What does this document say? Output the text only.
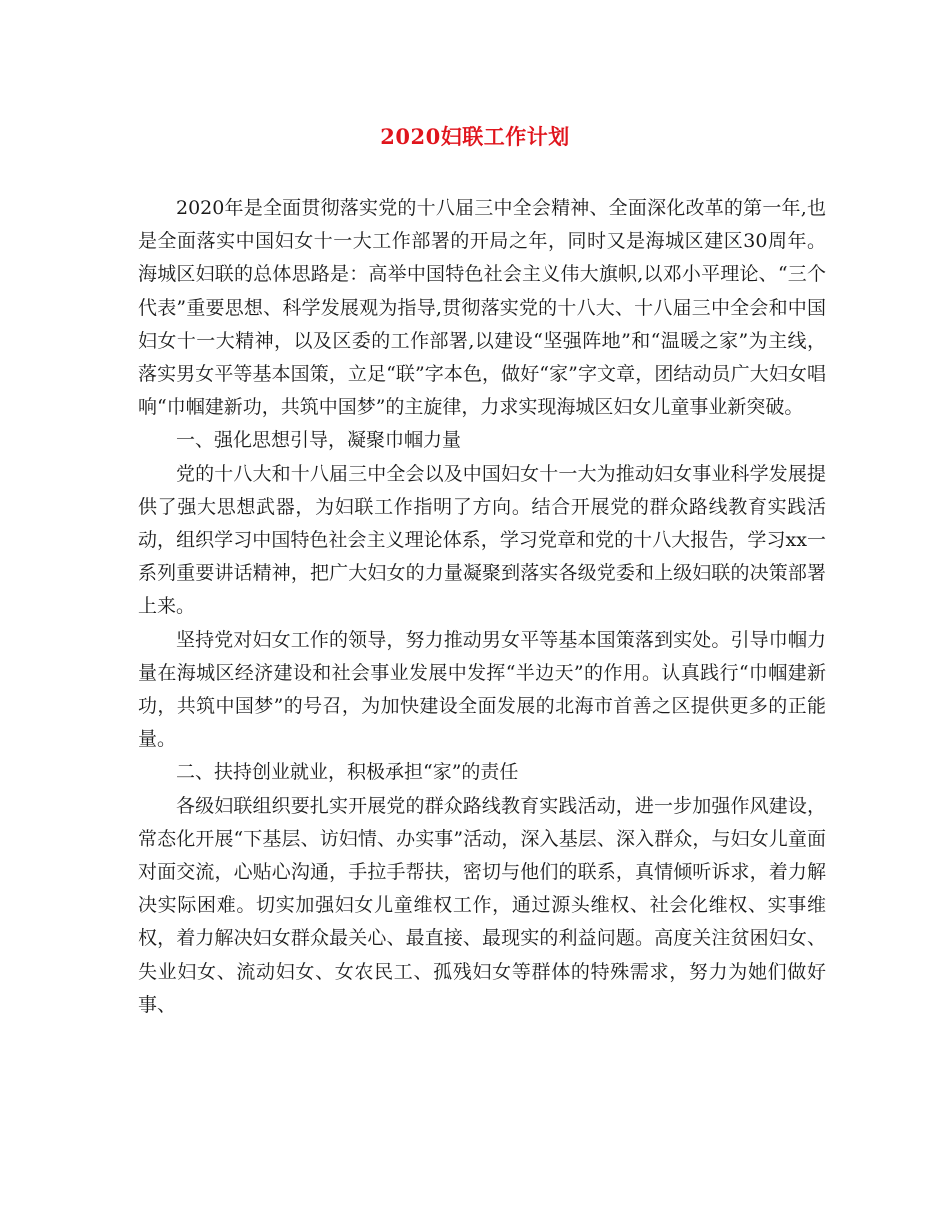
2020妇联工作计划

2020年是全面贯彻落实党的十八届三中全会精神、全面深化改革的第一年,也是全面落实中国妇女十一大工作部署的开局之年，同时又是海城区建区30周年。海城区妇联的总体思路是：高举中国特色社会主义伟大旗帜,以邓小平理论、“三个代表”重要思想、科学发展观为指导,贯彻落实党的十八大、十八届三中全会和中国妇女十一大精神，以及区委的工作部署,以建设“坚强阵地”和“温暖之家”为主线，落实男女平等基本国策，立足“联”字本色，做好“家”字文章，团结动员广大妇女唱响“巾帼建新功，共筑中国梦”的主旋律，力求实现海城区妇女儿童事业新突破。

一、强化思想引导，凝聚巾帼力量

党的十八大和十八届三中全会以及中国妇女十一大为推动妇女事业科学发展提供了强大思想武器，为妇联工作指明了方向。结合开展党的群众路线教育实践活动，组织学习中国特色社会主义理论体系，学习党章和党的十八大报告，学习xx一系列重要讲话精神，把广大妇女的力量凝聚到落实各级党委和上级妇联的决策部署上来。

坚持党对妇女工作的领导，努力推动男女平等基本国策落到实处。引导巾帼力量在海城区经济建设和社会事业发展中发挥“半边天”的作用。认真践行“巾帼建新功，共筑中国梦”的号召，为加快建设全面发展的北海市首善之区提供更多的正能量。

二、扶持创业就业，积极承担“家”的责任

各级妇联组织要扎实开展党的群众路线教育实践活动，进一步加强作风建设，常态化开展“下基层、访妇情、办实事”活动，深入基层、深入群众，与妇女儿童面对面交流，心贴心沟通，手拉手帮扶，密切与他们的联系，真情倾听诉求，着力解决实际困难。切实加强妇女儿童维权工作，通过源头维权、社会化维权、实事维权，着力解决妇女群众最关心、最直接、最现实的利益问题。高度关注贫困妇女、失业妇女、流动妇女、女农民工、孤残妇女等群体的特殊需求，努力为她们做好事、
